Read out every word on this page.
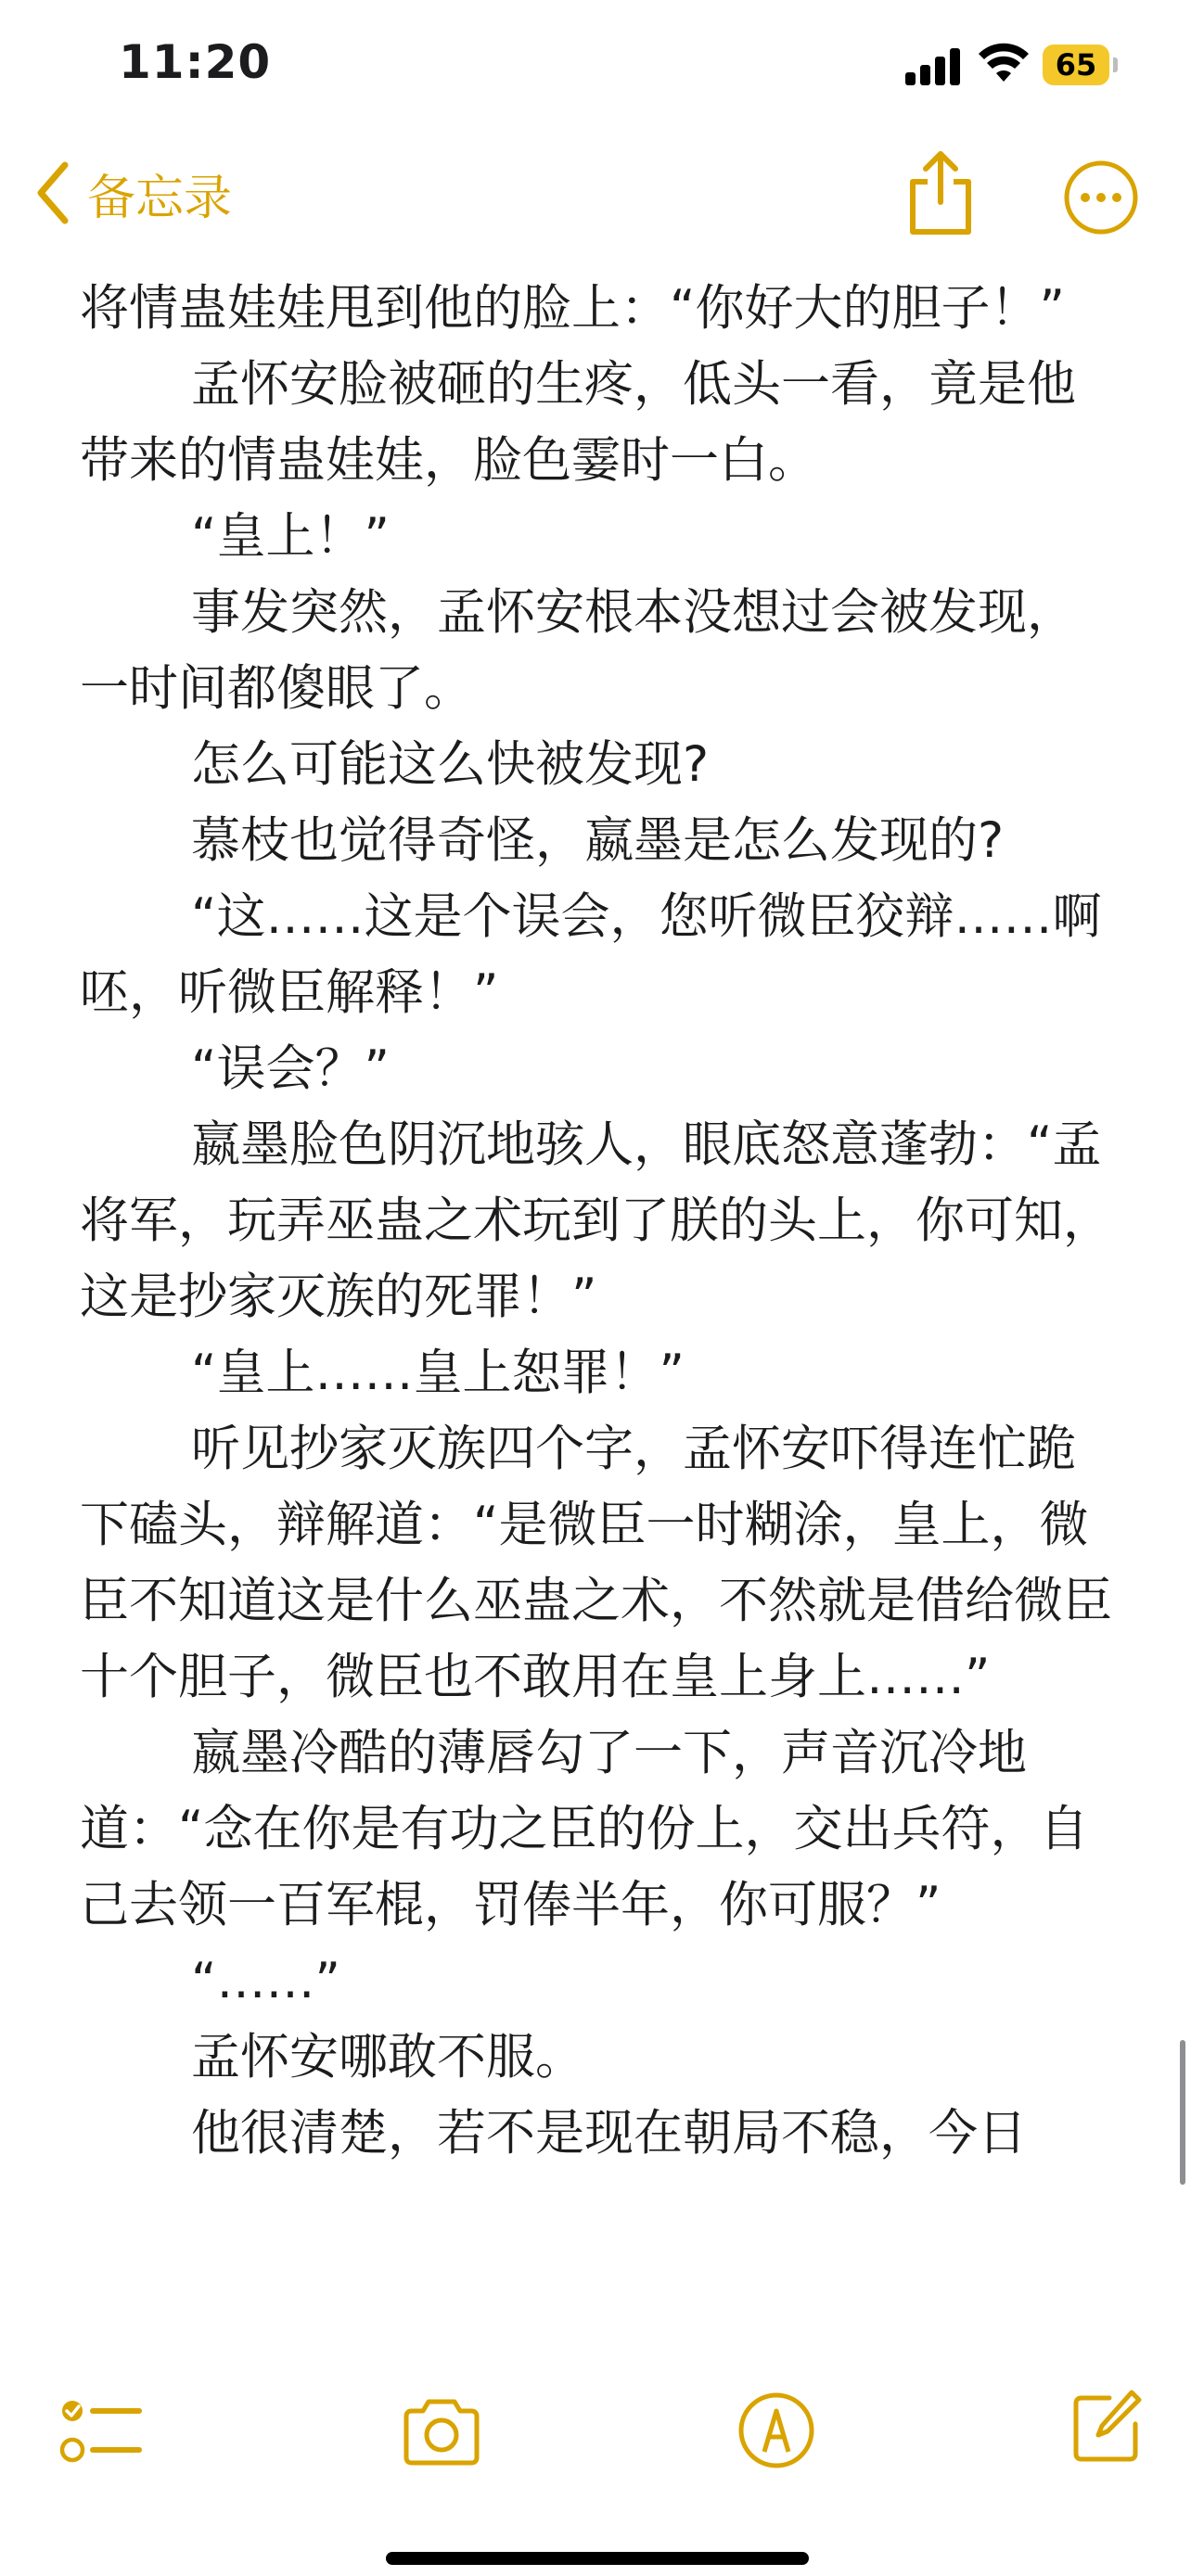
11:20	65
备忘录

将情蛊娃娃甩到他的脸上：“你好大的胆子！”

孟怀安脸被砸的生疼，低头一看，竟是他带来的情蛊娃娃，脸色霎时一白。

“皇上！”

事发突然，孟怀安根本没想过会被发现，一时间都傻眼了。

怎么可能这么快被发现?

慕枝也觉得奇怪，嬴墨是怎么发现的?

“这……这是个误会，您听微臣狡辩……啊呸，听微臣解释！”

“误会？”

嬴墨脸色阴沉地骇人，眼底怒意蓬勃：“孟将军，玩弄巫蛊之术玩到了朕的头上，你可知，这是抄家灭族的死罪！”

“皇上……皇上恕罪！”

听见抄家灭族四个字，孟怀安吓得连忙跪下磕头，辩解道：“是微臣一时糊涂，皇上，微臣不知道这是什么巫蛊之术，不然就是借给微臣十个胆子，微臣也不敢用在皇上身上……”

嬴墨冷酷的薄唇勾了一下，声音沉冷地道：“念在你是有功之臣的份上，交出兵符，自己去领一百军棍，罚俸半年，你可服？”

“……”

孟怀安哪敢不服。

他很清楚，若不是现在朝局不稳，今日
